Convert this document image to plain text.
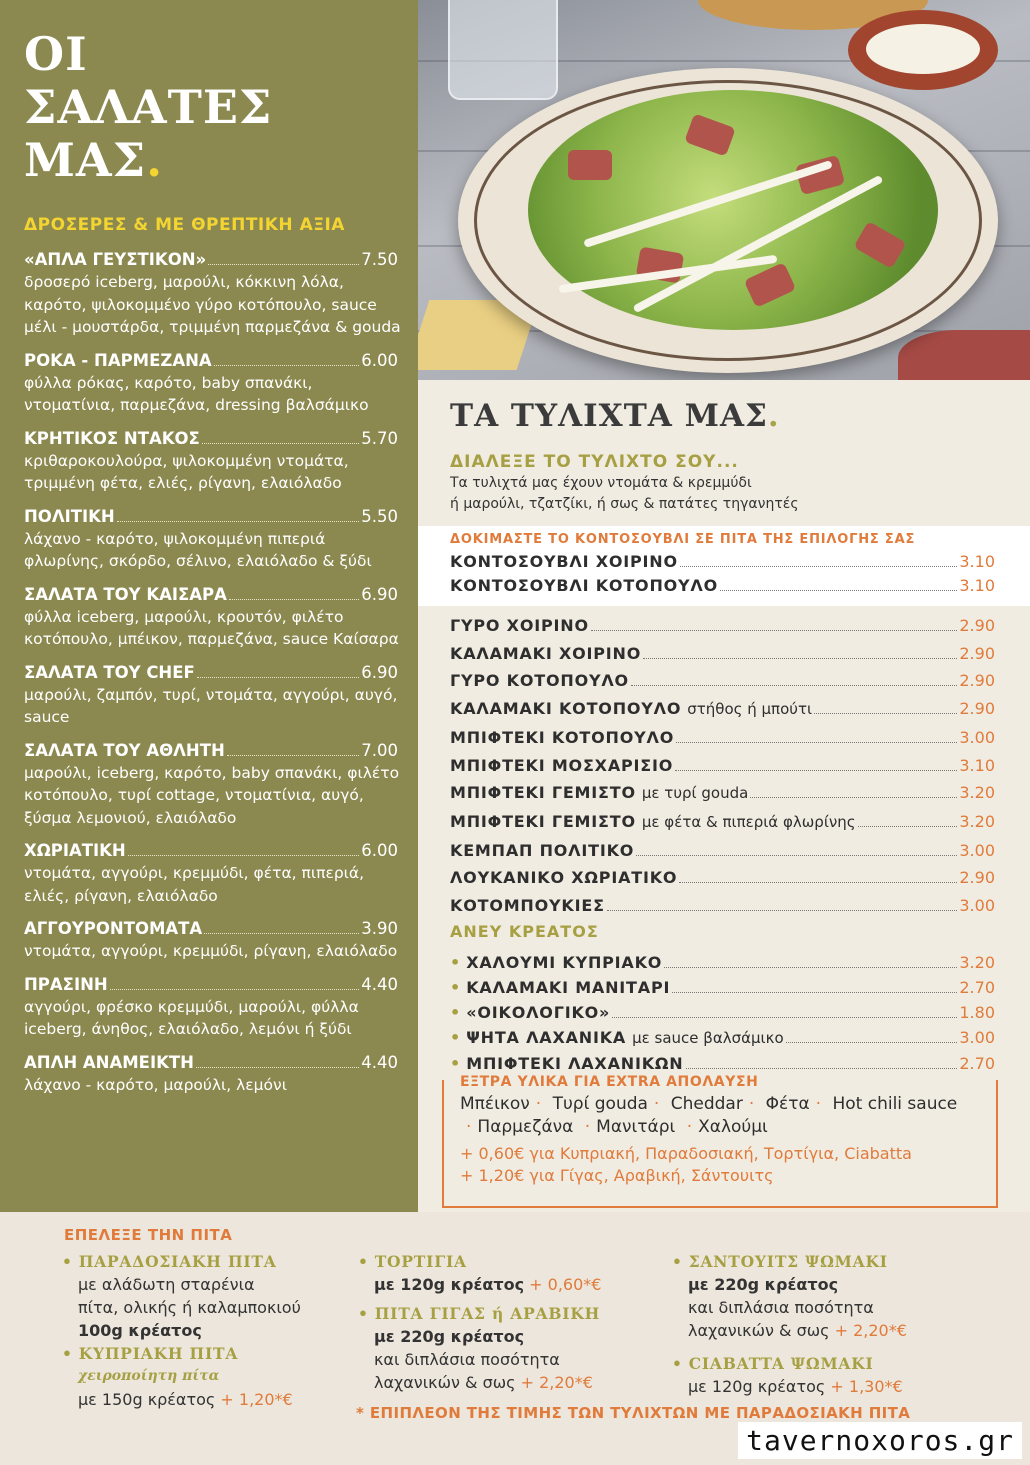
ΟΙ
ΣΑΛΑΤΕΣ
ΜΑΣ.
ΔΡΟΣΕΡΕΣ & ΜΕ ΘΡΕΠΤΙΚΗ ΑΞΙΑ
«ΑΠΛΑ ΓΕΥΣΤΙΚΟΝ»	7.50
δροσερό iceberg, μαρούλι, κόκκινη λόλα, καρότο, ψιλοκομμένο γύρο κοτόπουλο, sauce μέλι - μουστάρδα, τριμμένη παρμεζάνα & gouda
ΡΟΚΑ - ΠΑΡΜΕΖΑΝΑ	6.00
φύλλα ρόκας, καρότο, baby σπανάκι, ντοματίνια, παρμεζάνα, dressing βαλσάμικο
ΚΡΗΤΙΚΟΣ ΝΤΑΚΟΣ	5.70
κριθαροκουλούρα, ψιλοκομμένη ντομάτα, τριμμένη φέτα, ελιές, ρίγανη, ελαιόλαδο
ΠΟΛΙΤΙΚΗ	5.50
λάχανο - καρότο, ψιλοκομμένη πιπεριά φλωρίνης, σκόρδο, σέλινο, ελαιόλαδο & ξύδι
ΣΑΛΑΤΑ ΤΟΥ ΚΑΙΣΑΡΑ	6.90
φύλλα iceberg, μαρούλι, κρουτόν, φιλέτο κοτόπουλο, μπέικον, παρμεζάνα, sauce Καίσαρα
ΣΑΛΑΤΑ ΤΟΥ CHEF	6.90
μαρούλι, ζαμπόν, τυρί, ντομάτα, αγγούρι, αυγό, sauce
ΣΑΛΑΤΑ ΤΟΥ ΑΘΛΗΤΗ	7.00
μαρούλι, iceberg, καρότο, baby σπανάκι, φιλέτο κοτόπουλο, τυρί cottage, ντοματίνια, αυγό, ξύσμα λεμονιού, ελαιόλαδο
ΧΩΡΙΑΤΙΚΗ	6.00
ντομάτα, αγγούρι, κρεμμύδι, φέτα, πιπεριά, ελιές, ρίγανη, ελαιόλαδο
ΑΓΓΟΥΡΟΝΤΟΜΑΤΑ	3.90
ντομάτα, αγγούρι, κρεμμύδι, ρίγανη, ελαιόλαδο
ΠΡΑΣΙΝΗ	4.40
αγγούρι, φρέσκο κρεμμύδι, μαρούλι, φύλλα iceberg, άνηθος, ελαιόλαδο, λεμόνι ή ξύδι
ΑΠΛΗ ΑΝΑΜΕΙΚΤΗ	4.40
λάχανο - καρότο, μαρούλι, λεμόνι
ΤΑ ΤΥΛΙΧΤΑ ΜΑΣ.
ΔΙΑΛΕΞΕ ΤΟ ΤΥΛΙΧΤΟ ΣΟΥ...
Τα τυλιχτά μας έχουν ντομάτα & κρεμμύδι
ή μαρούλι, τζατζίκι, ή σως & πατάτες τηγανητές
ΔΟΚΙΜΑΣΤΕ ΤΟ ΚΟΝΤΟΣΟΥΒΛΙ ΣΕ ΠΙΤΑ ΤΗΣ ΕΠΙΛΟΓΗΣ ΣΑΣ
ΚΟΝΤΟΣΟΥΒΛΙ ΧΟΙΡΙΝΟ	3.10
ΚΟΝΤΟΣΟΥΒΛΙ ΚΟΤΟΠΟΥΛΟ	3.10
ΓΥΡΟ ΧΟΙΡΙΝΟ	2.90
ΚΑΛΑΜΑΚΙ ΧΟΙΡΙΝΟ	2.90
ΓΥΡΟ ΚΟΤΟΠΟΥΛΟ	2.90
ΚΑΛΑΜΑΚΙ ΚΟΤΟΠΟΥΛΟ στήθος ή μπούτι	2.90
ΜΠΙΦΤΕΚΙ ΚΟΤΟΠΟΥΛΟ	3.00
ΜΠΙΦΤΕΚΙ ΜΟΣΧΑΡΙΣΙΟ	3.10
ΜΠΙΦΤΕΚΙ ΓΕΜΙΣΤΟ με τυρί gouda	3.20
ΜΠΙΦΤΕΚΙ ΓΕΜΙΣΤΟ με φέτα & πιπεριά φλωρίνης	3.20
ΚΕΜΠΑΠ ΠΟΛΙΤΙΚΟ	3.00
ΛΟΥΚΑΝΙΚΟ ΧΩΡΙΑΤΙΚΟ	2.90
ΚΟΤΟΜΠΟΥΚΙΕΣ	3.00
ΑΝΕΥ ΚΡΕΑΤΟΣ
• ΧΑΛΟΥΜΙ ΚΥΠΡΙΑΚΟ	3.20
• ΚΑΛΑΜΑΚΙ ΜΑΝΙΤΑΡΙ	2.70
• «ΟΙΚΟΛΟΓΙΚΟ»	1.80
• ΨΗΤΑ ΛΑΧΑΝΙΚΑ με sauce βαλσάμικο	3.00
• ΜΠΙΦΤΕΚΙ ΛΑΧΑΝΙΚΩΝ	2.70
ΕΞΤΡΑ ΥΛΙΚΑ ΓΙΑ EXTRA ΑΠΟΛΑΥΣΗ
Μπέικον · Τυρί gouda · Cheddar · Φέτα · Hot chili sauce
· Παρμεζάνα · Μανιτάρι · Χαλούμι
+ 0,60€ για Κυπριακή, Παραδοσιακή, Τορτίγια, Ciabatta
+ 1,20€ για Γίγας, Αραβική, Σάντουιτς
ΕΠΕΛΕΞΕ ΤΗΝ ΠΙΤΑ
• ΠΑΡΑΔΟΣΙΑΚΗ ΠΙΤΑ
με αλάδωτη σταρένια
πίτα, ολικής ή καλαμποκιού
100g κρέατος
• ΚΥΠΡΙΑΚΗ ΠΙΤΑ
χειροποίητη πίτα
με 150g κρέατος + 1,20*€
• ΤΟΡΤΙΓΙΑ
με 120g κρέατος + 0,60*€
• ΠΙΤΑ ΓΙΓΑΣ ή ΑΡΑΒΙΚΗ
με 220g κρέατος
και διπλάσια ποσότητα
λαχανικών & σως + 2,20*€
• ΣΑΝΤΟΥΙΤΣ ΨΩΜΑΚΙ
με 220g κρέατος
και διπλάσια ποσότητα
λαχανικών & σως + 2,20*€
• CIABATTA ΨΩΜΑΚΙ
με 120g κρέατος + 1,30*€
* ΕΠΙΠΛΕΟΝ ΤΗΣ ΤΙΜΗΣ ΤΩΝ ΤΥΛΙΧΤΩΝ ΜΕ ΠΑΡΑΔΟΣΙΑΚΗ ΠΙΤΑ
tavernoxoros.gr
